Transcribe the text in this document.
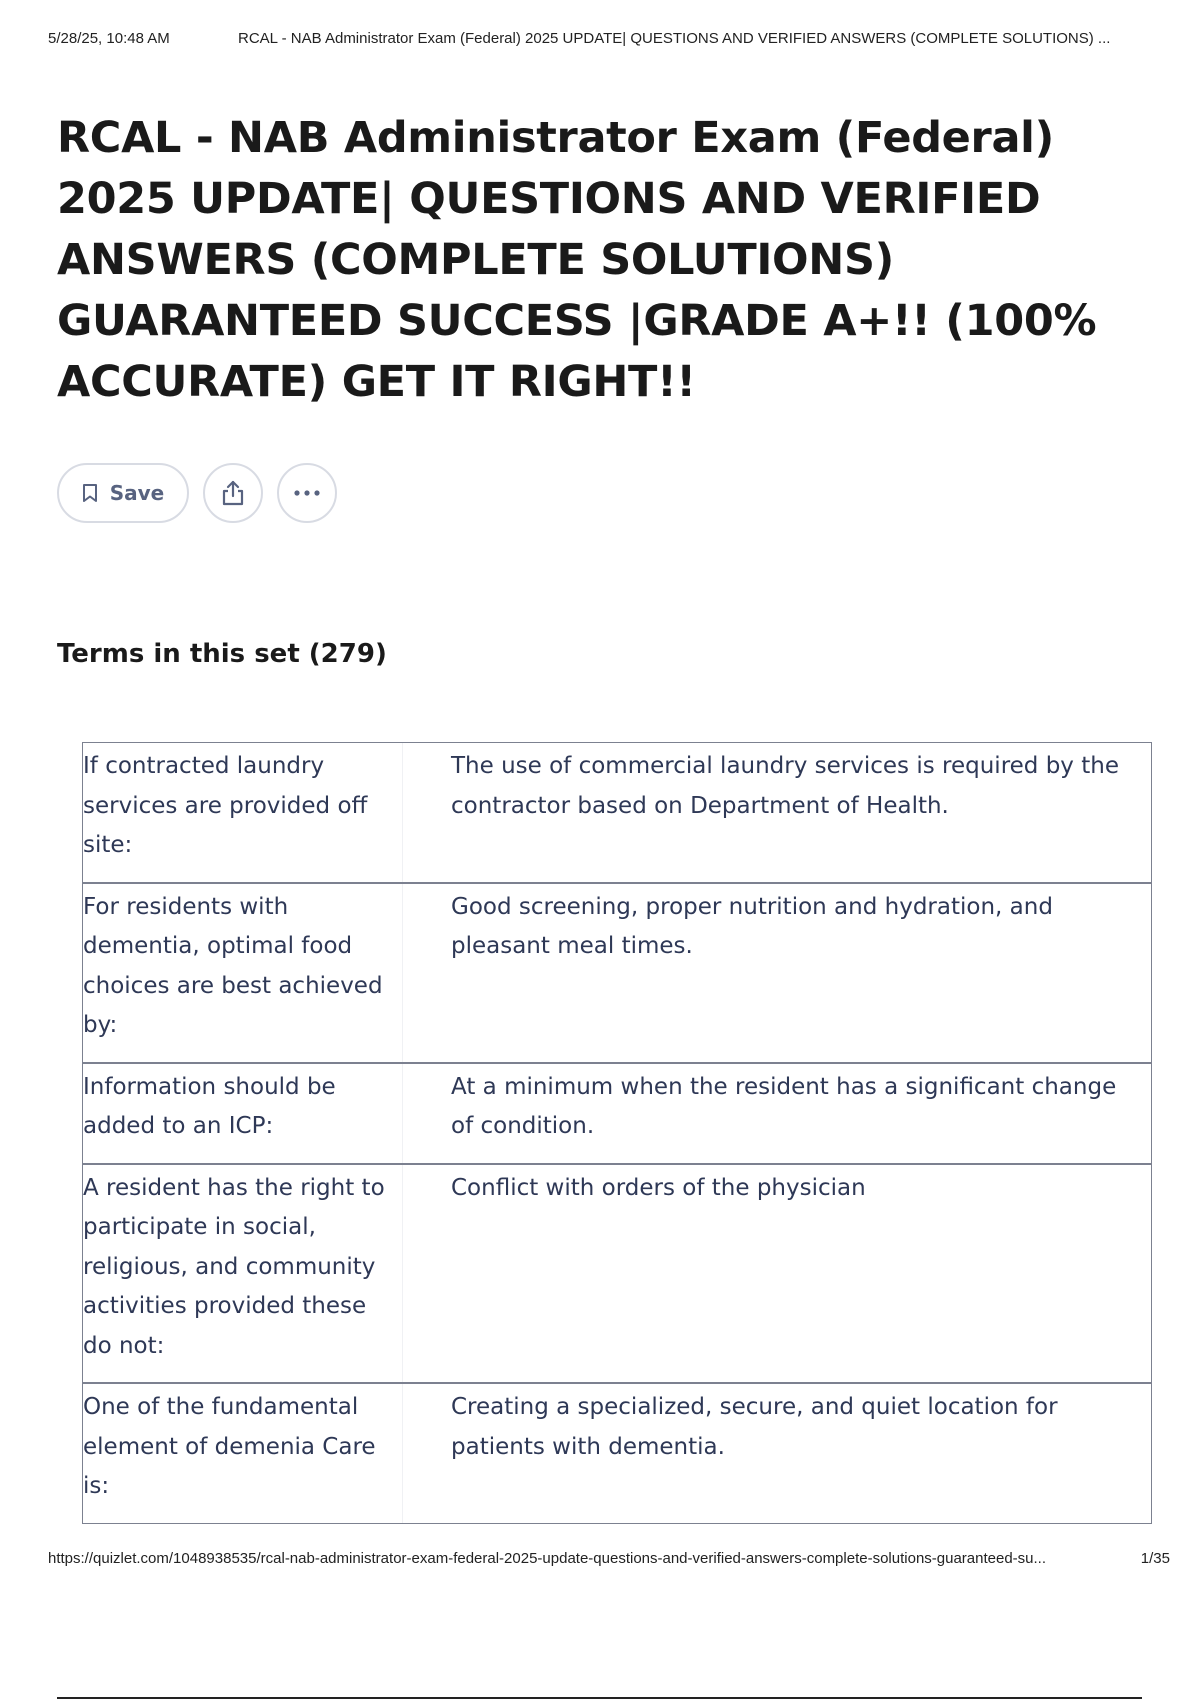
5/28/25, 10:48 AM	RCAL - NAB Administrator Exam (Federal) 2025 UPDATE| QUESTIONS AND VERIFIED ANSWERS (COMPLETE SOLUTIONS) ...
RCAL - NAB Administrator Exam (Federal) 2025 UPDATE| QUESTIONS AND VERIFIED ANSWERS (COMPLETE SOLUTIONS) GUARANTEED SUCCESS |GRADE A+!! (100% ACCURATE) GET IT RIGHT!!
Save
Terms in this set (279)
If contracted laundry services are provided off site:
The use of commercial laundry services is required by the contractor based on Department of Health.
For residents with dementia, optimal food choices are best achieved by:
Good screening, proper nutrition and hydration, and pleasant meal times.
Information should be added to an ICP:
At a minimum when the resident has a significant change of condition.
A resident has the right to participate in social, religious, and community activities provided these do not:
Conflict with orders of the physician
One of the fundamental element of demenia Care is:
Creating a specialized, secure, and quiet location for patients with dementia.
https://quizlet.com/1048938535/rcal-nab-administrator-exam-federal-2025-update-questions-and-verified-answers-complete-solutions-guaranteed-su...	1/35
